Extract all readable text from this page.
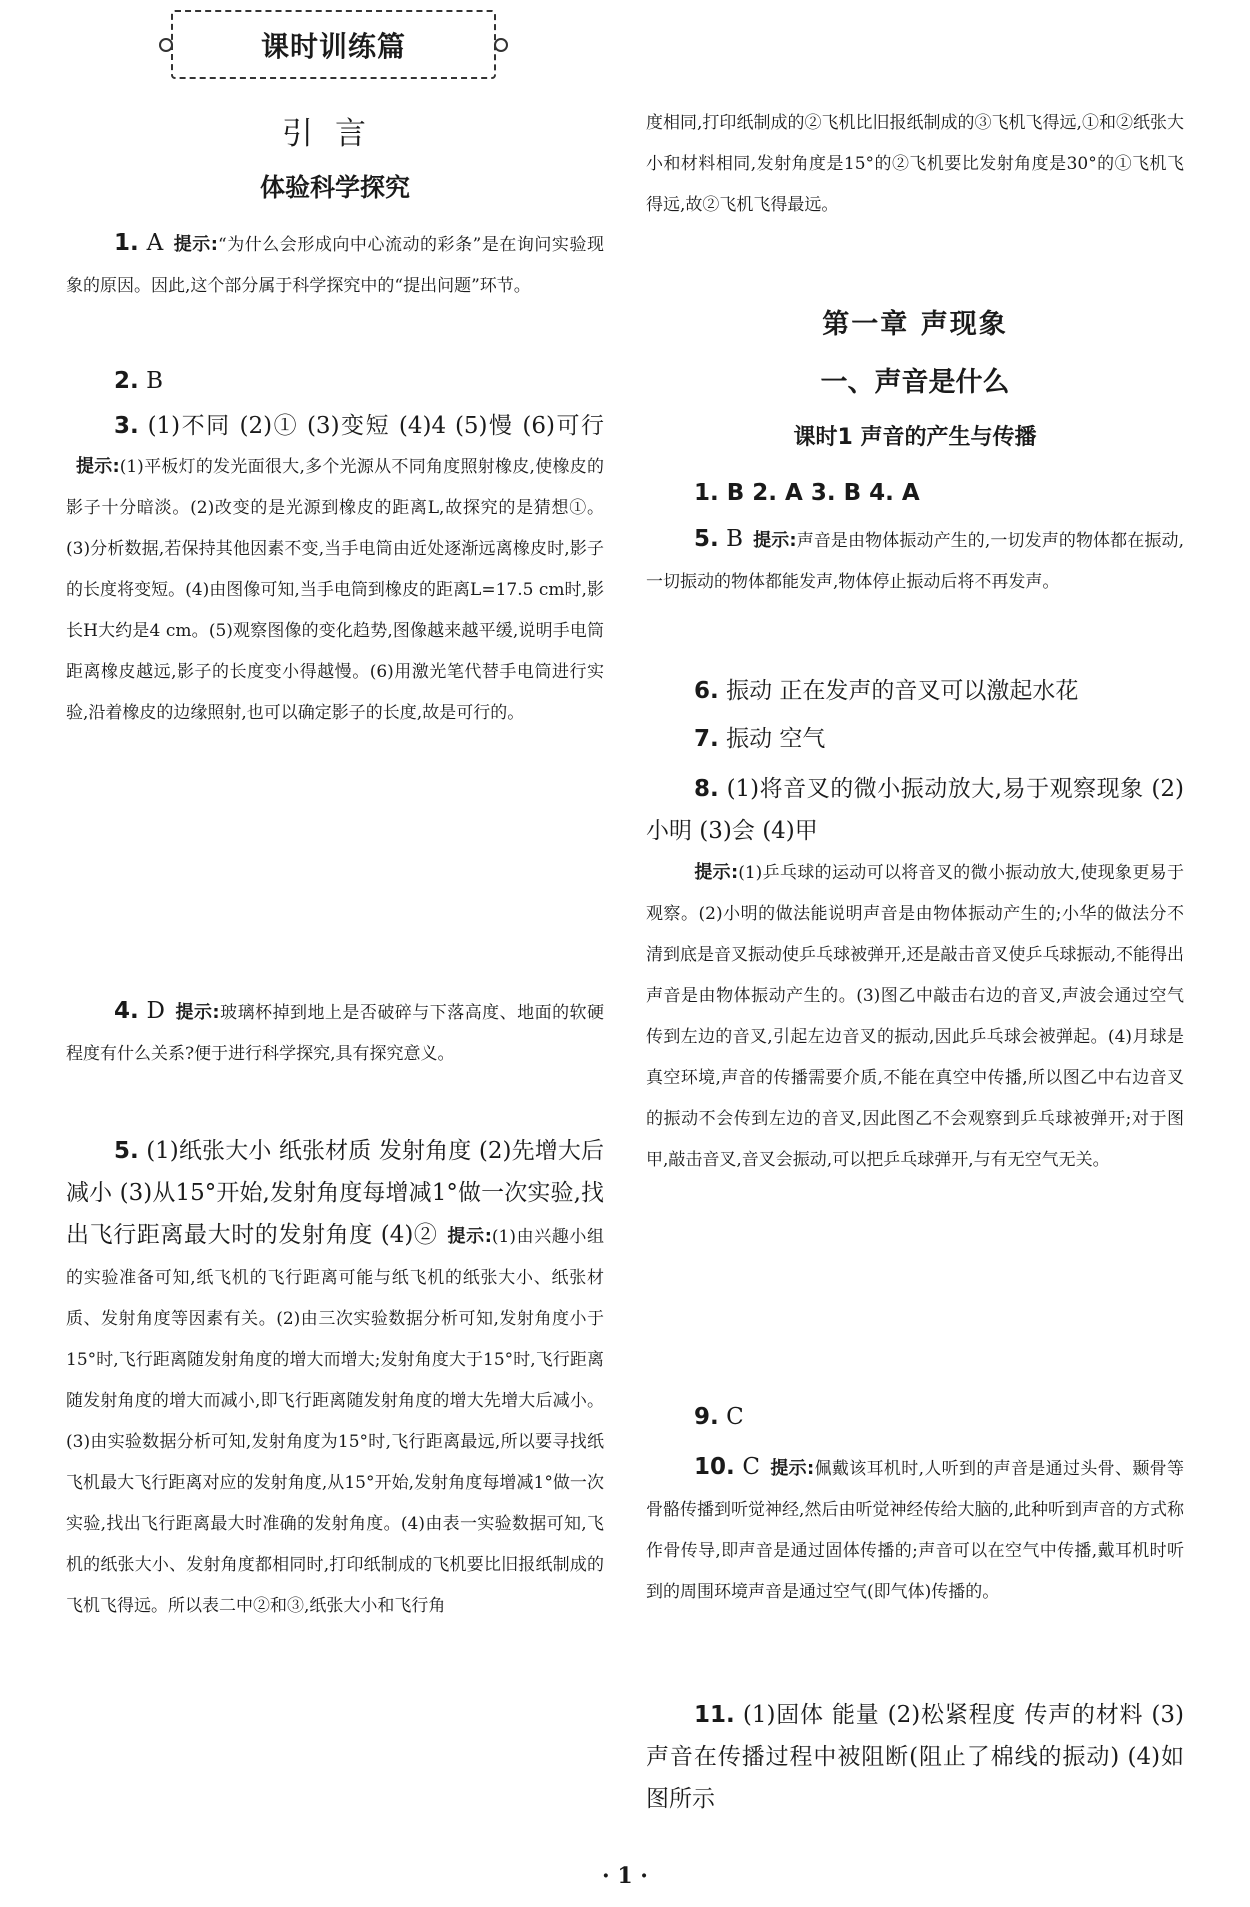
课时训练篇
引言
体验科学探究
1. A 提示:“为什么会形成向中心流动的彩条”是在询问实验现象的原因。因此,这个部分属于科学探究中的“提出问题”环节。
2. B
3. (1)不同 (2)① (3)变短 (4)4 (5)慢 (6)可行提示:(1)平板灯的发光面很大,多个光源从不同角度照射橡皮,使橡皮的影子十分暗淡。(2)改变的是光源到橡皮的距离L,故探究的是猜想①。(3)分析数据,若保持其他因素不变,当手电筒由近处逐渐远离橡皮时,影子的长度将变短。(4)由图像可知,当手电筒到橡皮的距离L=17.5 cm时,影长H大约是4 cm。(5)观察图像的变化趋势,图像越来越平缓,说明手电筒距离橡皮越远,影子的长度变小得越慢。(6)用激光笔代替手电筒进行实验,沿着橡皮的边缘照射,也可以确定影子的长度,故是可行的。
4. D 提示:玻璃杯掉到地上是否破碎与下落高度、地面的软硬程度有什么关系?便于进行科学探究,具有探究意义。
5. (1)纸张大小 纸张材质 发射角度 (2)先增大后减小 (3)从15°开始,发射角度每增减1°做一次实验,找出飞行距离最大时的发射角度 (4)② 提示:(1)由兴趣小组的实验准备可知,纸飞机的飞行距离可能与纸飞机的纸张大小、纸张材质、发射角度等因素有关。(2)由三次实验数据分析可知,发射角度小于15°时,飞行距离随发射角度的增大而增大;发射角度大于15°时,飞行距离随发射角度的增大而减小,即飞行距离随发射角度的增大先增大后减小。(3)由实验数据分析可知,发射角度为15°时,飞行距离最远,所以要寻找纸飞机最大飞行距离对应的发射角度,从15°开始,发射角度每增减1°做一次实验,找出飞行距离最大时准确的发射角度。(4)由表一实验数据可知,飞机的纸张大小、发射角度都相同时,打印纸制成的飞机要比旧报纸制成的飞机飞得远。所以表二中②和③,纸张大小和飞行角
度相同,打印纸制成的②飞机比旧报纸制成的③飞机飞得远,①和②纸张大小和材料相同,发射角度是15°的②飞机要比发射角度是30°的①飞机飞得远,故②飞机飞得最远。
第一章 声现象
一、声音是什么
课时1 声音的产生与传播
1. B 2. A 3. B 4. A
5. B 提示:声音是由物体振动产生的,一切发声的物体都在振动,一切振动的物体都能发声,物体停止振动后将不再发声。
6. 振动 正在发声的音叉可以激起水花
7. 振动 空气
8. (1)将音叉的微小振动放大,易于观察现象 (2)小明 (3)会 (4)甲
提示:(1)乒乓球的运动可以将音叉的微小振动放大,使现象更易于观察。(2)小明的做法能说明声音是由物体振动产生的;小华的做法分不清到底是音叉振动使乒乓球被弹开,还是敲击音叉使乒乓球振动,不能得出声音是由物体振动产生的。(3)图乙中敲击右边的音叉,声波会通过空气传到左边的音叉,引起左边音叉的振动,因此乒乓球会被弹起。(4)月球是真空环境,声音的传播需要介质,不能在真空中传播,所以图乙中右边音叉的振动不会传到左边的音叉,因此图乙不会观察到乒乓球被弹开;对于图甲,敲击音叉,音叉会振动,可以把乒乓球弹开,与有无空气无关。
9. C
10. C 提示:佩戴该耳机时,人听到的声音是通过头骨、颞骨等骨骼传播到听觉神经,然后由听觉神经传给大脑的,此种听到声音的方式称作骨传导,即声音是通过固体传播的;声音可以在空气中传播,戴耳机时听到的周围环境声音是通过空气(即气体)传播的。
11. (1)固体 能量 (2)松紧程度 传声的材料 (3)声音在传播过程中被阻断(阻止了棉线的振动) (4)如图所示
· 1 ·
